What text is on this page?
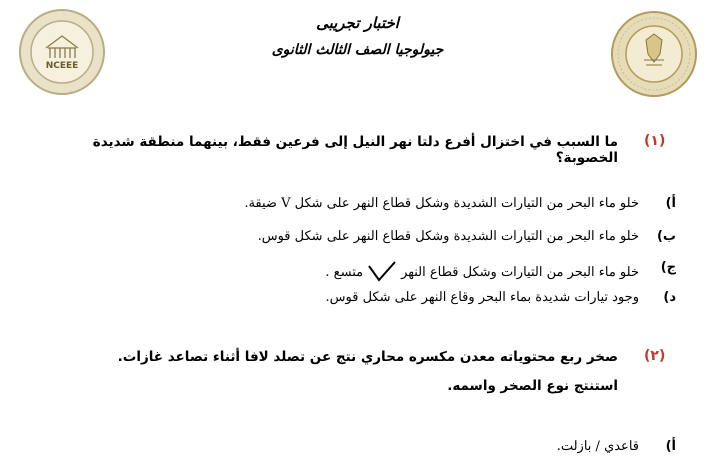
NCEEE
اختبار تجريبى
جيولوجيا الصف الثالث الثانوى
(١)
ما السبب في اختزال أفرع دلتا نهر النيل إلى فرعين فقط، بينهما منطقة شديدة الخصوبة؟
أ)
خلو ماء البحر من التيارات الشديدة وشكل قطاع النهر على شكل V ضيقة.
ب)
خلو ماء البحر من التيارات الشديدة وشكل قطاع النهر على شكل قوس.
ج)
خلو ماء البحر من التيارات وشكل قطاع النهر
متسع .
د)
وجود تيارات شديدة بماء البحر وقاع النهر على شكل قوس.
(٢)
صخر ربع محتوياته معدن مكسره محاري نتج عن تصلد لافا أثناء تصاعد غازات.
استنتج نوع الصخر واسمه.
أ)
قاعدي / بازلت.
